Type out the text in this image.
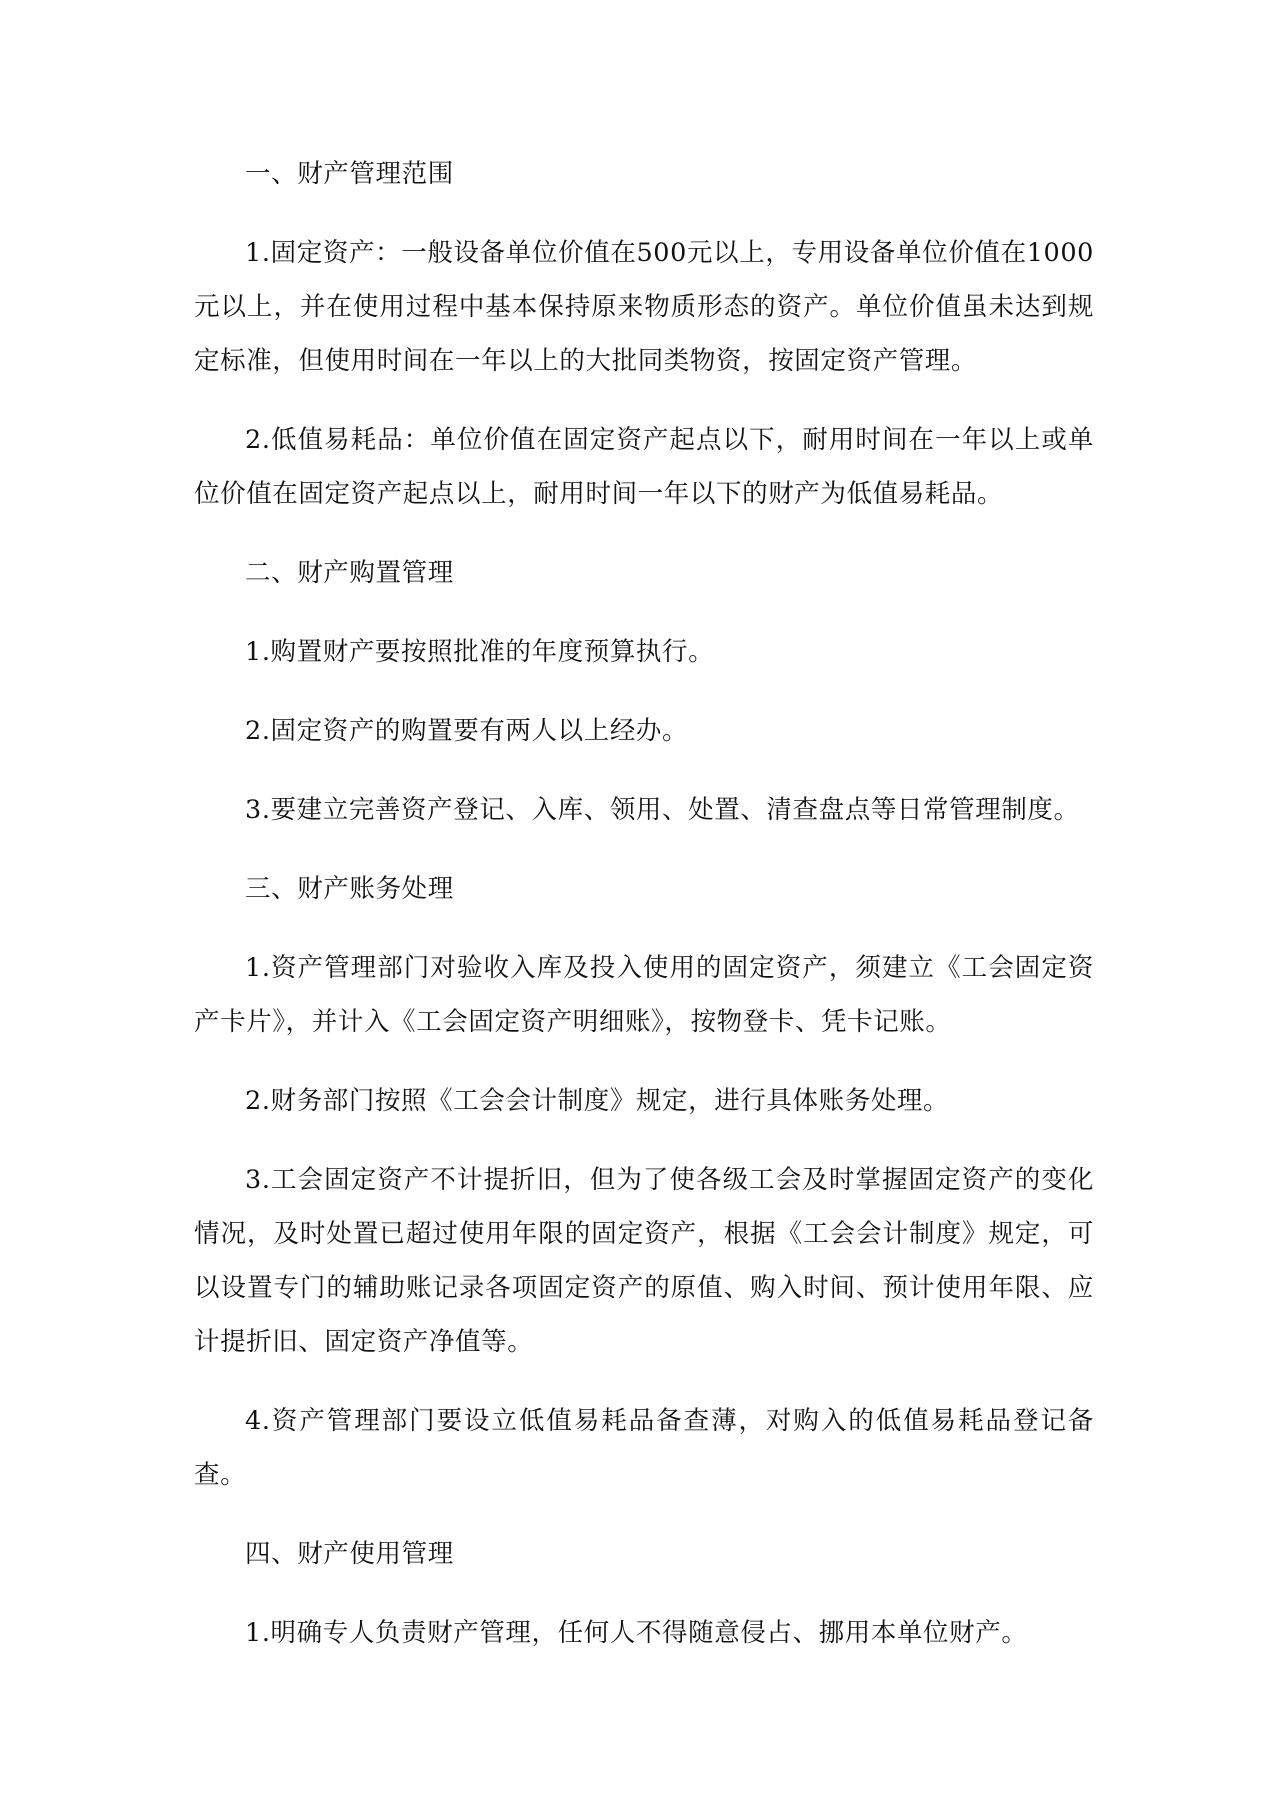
一、财产管理范围

1.固定资产：一般设备单位价值在500元以上，专用设备单位价值在1000元以上，并在使用过程中基本保持原来物质形态的资产。单位价值虽未达到规定标准，但使用时间在一年以上的大批同类物资，按固定资产管理。

2.低值易耗品：单位价值在固定资产起点以下，耐用时间在一年以上或单位价值在固定资产起点以上，耐用时间一年以下的财产为低值易耗品。

二、财产购置管理

1.购置财产要按照批准的年度预算执行。

2.固定资产的购置要有两人以上经办。

3.要建立完善资产登记、入库、领用、处置、清查盘点等日常管理制度。

三、财产账务处理

1.资产管理部门对验收入库及投入使用的固定资产，须建立《工会固定资产卡片》，并计入《工会固定资产明细账》，按物登卡、凭卡记账。

2.财务部门按照《工会会计制度》规定，进行具体账务处理。

3.工会固定资产不计提折旧，但为了使各级工会及时掌握固定资产的变化情况，及时处置已超过使用年限的固定资产，根据《工会会计制度》规定，可以设置专门的辅助账记录各项固定资产的原值、购入时间、预计使用年限、应计提折旧、固定资产净值等。

4.资产管理部门要设立低值易耗品备查薄，对购入的低值易耗品登记备查。

四、财产使用管理

1.明确专人负责财产管理，任何人不得随意侵占、挪用本单位财产。
